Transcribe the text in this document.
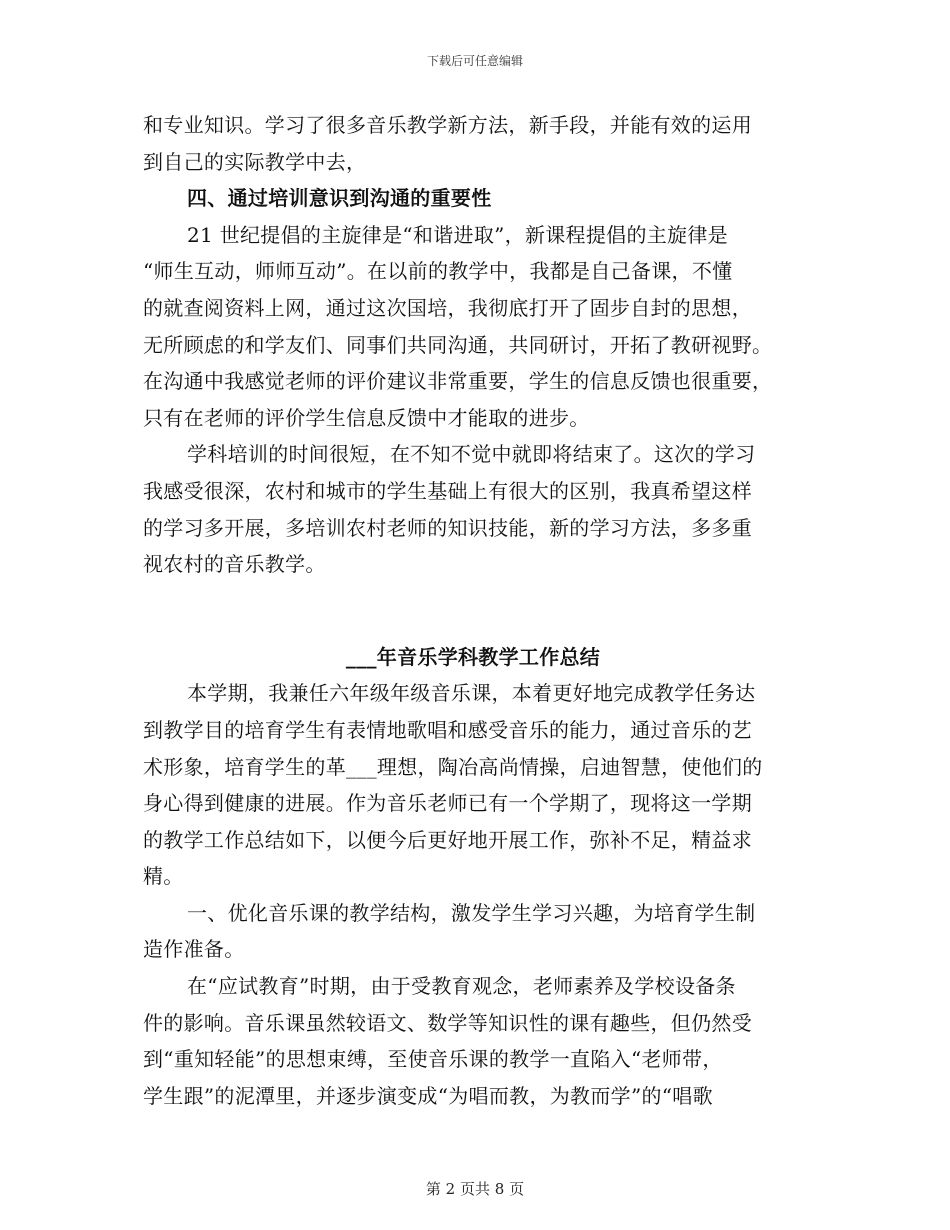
下载后可任意编辑
和专业知识。学习了很多音乐教学新方法，新手段，并能有效的运用
到自己的实际教学中去，
四、通过培训意识到沟通的重要性
21 世纪提倡的主旋律是“和谐进取”，新课程提倡的主旋律是
“师生互动，师师互动”。在以前的教学中，我都是自己备课，不懂
的就查阅资料上网，通过这次国培，我彻底打开了固步自封的思想，
无所顾虑的和学友们、同事们共同沟通，共同研讨，开拓了教研视野。
在沟通中我感觉老师的评价建议非常重要，学生的信息反馈也很重要，
只有在老师的评价学生信息反馈中才能取的进步。
学科培训的时间很短，在不知不觉中就即将结束了。这次的学习
我感受很深，农村和城市的学生基础上有很大的区别，我真希望这样
的学习多开展，多培训农村老师的知识技能，新的学习方法，多多重
视农村的音乐教学。
___年音乐学科教学工作总结
本学期，我兼任六年级年级音乐课，本着更好地完成教学任务达
到教学目的培育学生有表情地歌唱和感受音乐的能力，通过音乐的艺
术形象，培育学生的革___理想，陶冶高尚情操，启迪智慧，使他们的
身心得到健康的进展。作为音乐老师已有一个学期了，现将这一学期
的教学工作总结如下，以便今后更好地开展工作，弥补不足，精益求
精。
一、优化音乐课的教学结构，激发学生学习兴趣，为培育学生制
造作准备。
在“应试教育”时期，由于受教育观念，老师素养及学校设备条
件的影响。音乐课虽然较语文、数学等知识性的课有趣些，但仍然受
到“重知轻能”的思想束缚，至使音乐课的教学一直陷入“老师带，
学生跟”的泥潭里，并逐步演变成“为唱而教，为教而学”的“唱歌
第 2 页共 8 页
